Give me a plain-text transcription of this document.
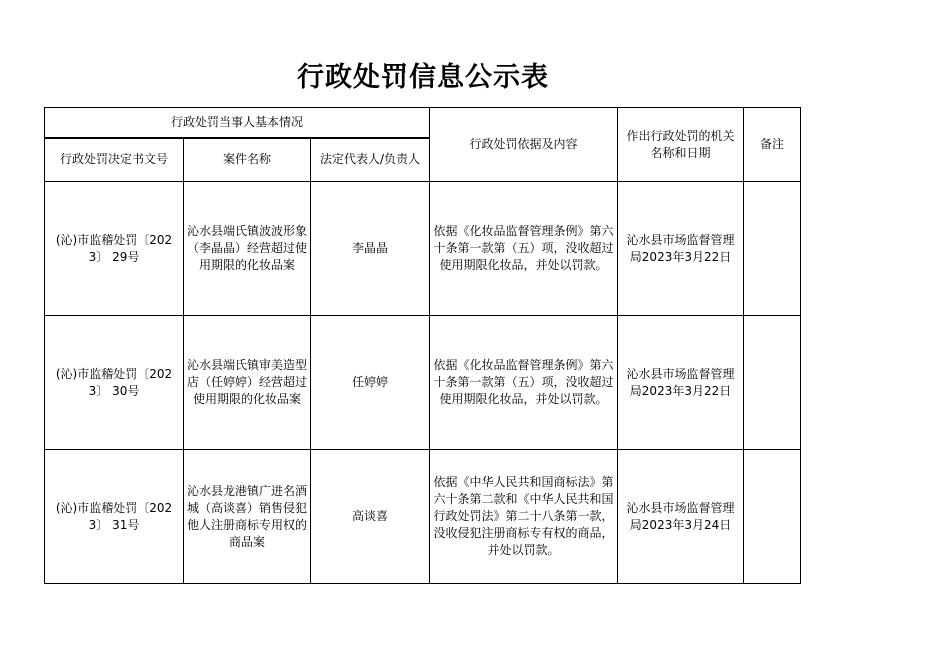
行政处罚信息公示表
行政处罚当事人基本情况			行政处罚依据及内容	作出行政处罚的机关名称和日期	备注
行政处罚决定书文号	案件名称	法定代表人/负责人			
(沁)市监稽处罚〔2023〕 29号	沁水县端氏镇波波形象（李晶晶）经营超过使用期限的化妆品案	李晶晶	依据《化妆品监督管理条例》第六十条第一款第（五）项，没收超过使用期限化妆品，并处以罚款。	沁水县市场监督管理局2023年3月22日	
(沁)市监稽处罚〔2023〕 30号	沁水县端氏镇审美造型店（任婷婷）经营超过使用期限的化妆品案	任婷婷	依据《化妆品监督管理条例》第六十条第一款第（五）项，没收超过使用期限化妆品，并处以罚款。	沁水县市场监督管理局2023年3月22日	
(沁)市监稽处罚〔2023〕 31号	沁水县龙港镇广进名酒城（高谈喜）销售侵犯他人注册商标专用权的商品案	高谈喜	依据《中华人民共和国商标法》第六十条第二款和《中华人民共和国行政处罚法》第二十八条第一款，没收侵犯注册商标专有权的商品，并处以罚款。	沁水县市场监督管理局2023年3月24日	
